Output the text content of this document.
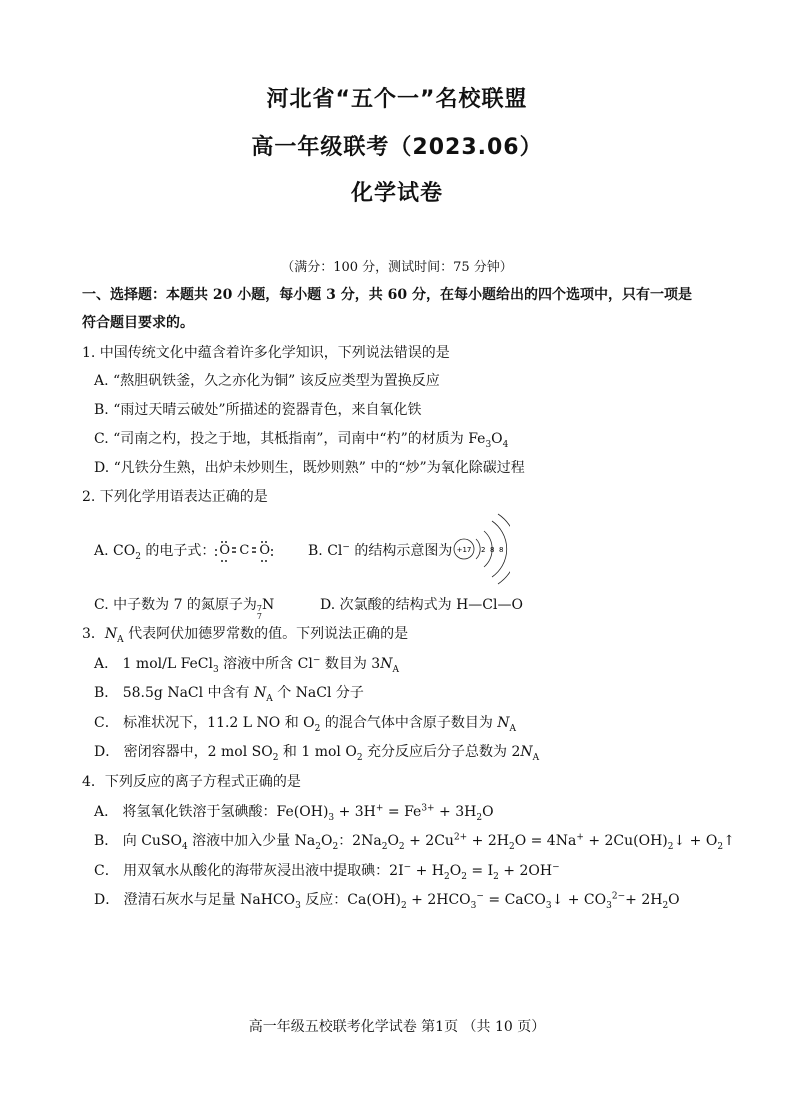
河北省“五个一”名校联盟
高一年级联考（2023.06）
化学试卷
（满分：100 分，测试时间：75 分钟）
一、选择题：本题共 20 小题，每小题 3 分，共 60 分，在每小题给出的四个选项中，只有一项是
符合题目要求的。
1. 中国传统文化中蕴含着许多化学知识，下列说法错误的是
A. “熬胆矾铁釜，久之亦化为铜” 该反应类型为置换反应
B. “雨过天晴云破处”所描述的瓷器青色，来自氧化铁
C. “司南之杓，投之于地，其柢指南”，司南中“杓”的材质为 $Fe_3O_4$
D. “凡铁分生熟，出炉未炒则生，既炒则熟” 中的“炒”为氧化除碳过程
2. 下列化学用语表达正确的是
A. $CO_2$ 的电子式： O C O	B. Cl− 的结构示意图为 +17 2 8 8
C. 中子数为 7 的氮原子为 7
7
N	D. 次氯酸的结构式为 H—Cl—O
3．$N_A$ 代表阿伏加德罗常数的值。下列说法正确的是
A． 1 mol/L FeCl$_3$ 溶液中所含 Cl− 数目为 $3N_A$
B． 58.5g NaCl 中含有 $N_A$ 个 NaCl 分子
C． 标准状况下，11.2 L NO 和 $O_2$ 的混合气体中含原子数目为 $N_A$
D． 密闭容器中，2 mol $SO_2$ 和 1 mol $O_2$ 充分反应后分子总数为 $2N_A$
4．下列反应的离子方程式正确的是
A． 将氢氧化铁溶于氢碘酸：$Fe(OH)_3 + 3H^+ = Fe^{3+} + 3H_2O$
B． 向 CuSO$_4$ 溶液中加入少量 $Na_2O_2$：$2Na_2O_2 + 2Cu^{2+} + 2H_2O = 4Na^+$ + $2Cu(OH)_2↓$ + $O_2↑$
C． 用双氧水从酸化的海带灰浸出液中提取碘：$2I^- + H_2O_2 = I_2 + 2OH^-$
D． 澄清石灰水与足量 NaHCO$_3$ 反应：$Ca(OH)_2 + 2HCO_3^-$ = CaCO$_3$↓ + $CO_3^{2-}+ 2H_2O$
高一年级五校联考化学试卷 第1页 （共 10 页）
